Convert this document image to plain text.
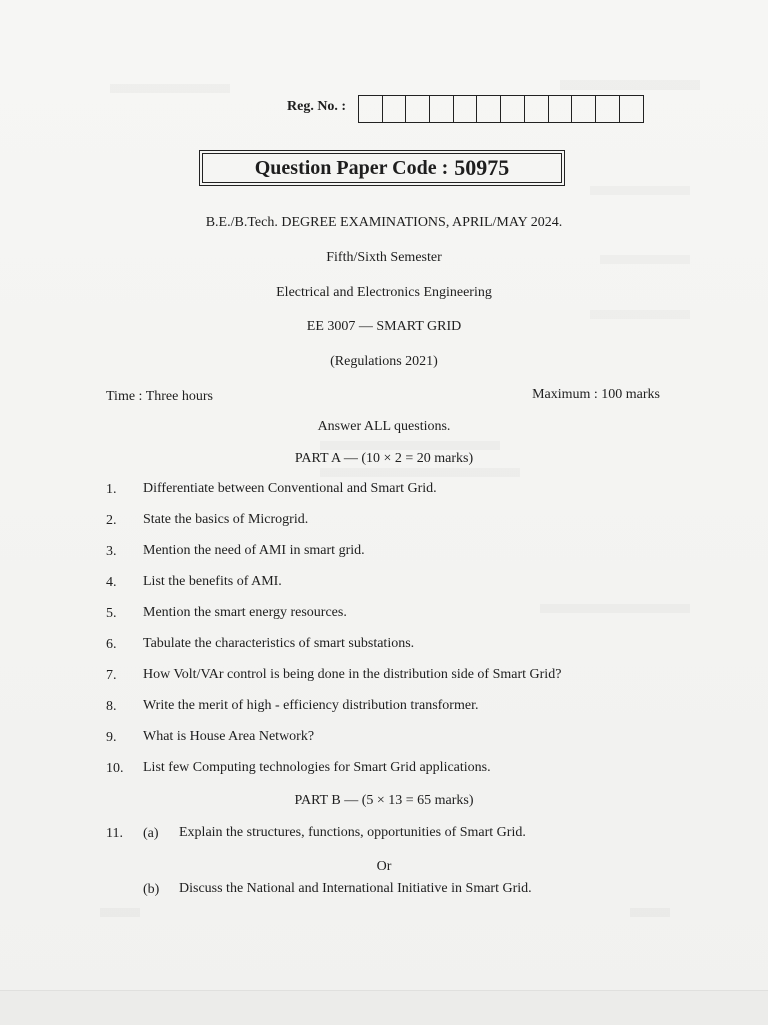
Reg. No. :
Question Paper Code : 50975
B.E./B.Tech. DEGREE EXAMINATIONS, APRIL/MAY 2024.
Fifth/Sixth Semester
Electrical and Electronics Engineering
EE 3007 — SMART GRID
(Regulations 2021)
Time : Three hours	Maximum : 100 marks
Answer ALL questions.
PART A — (10 × 2 = 20 marks)
1. Differentiate between Conventional and Smart Grid.
2. State the basics of Microgrid.
3. Mention the need of AMI in smart grid.
4. List the benefits of AMI.
5. Mention the smart energy resources.
6. Tabulate the characteristics of smart substations.
7. How Volt/VAr control is being done in the distribution side of Smart Grid?
8. Write the merit of high - efficiency distribution transformer.
9. What is House Area Network?
10. List few Computing technologies for Smart Grid applications.
PART B — (5 × 13 = 65 marks)
11. (a) Explain the structures, functions, opportunities of Smart Grid.
Or
(b) Discuss the National and International Initiative in Smart Grid.
